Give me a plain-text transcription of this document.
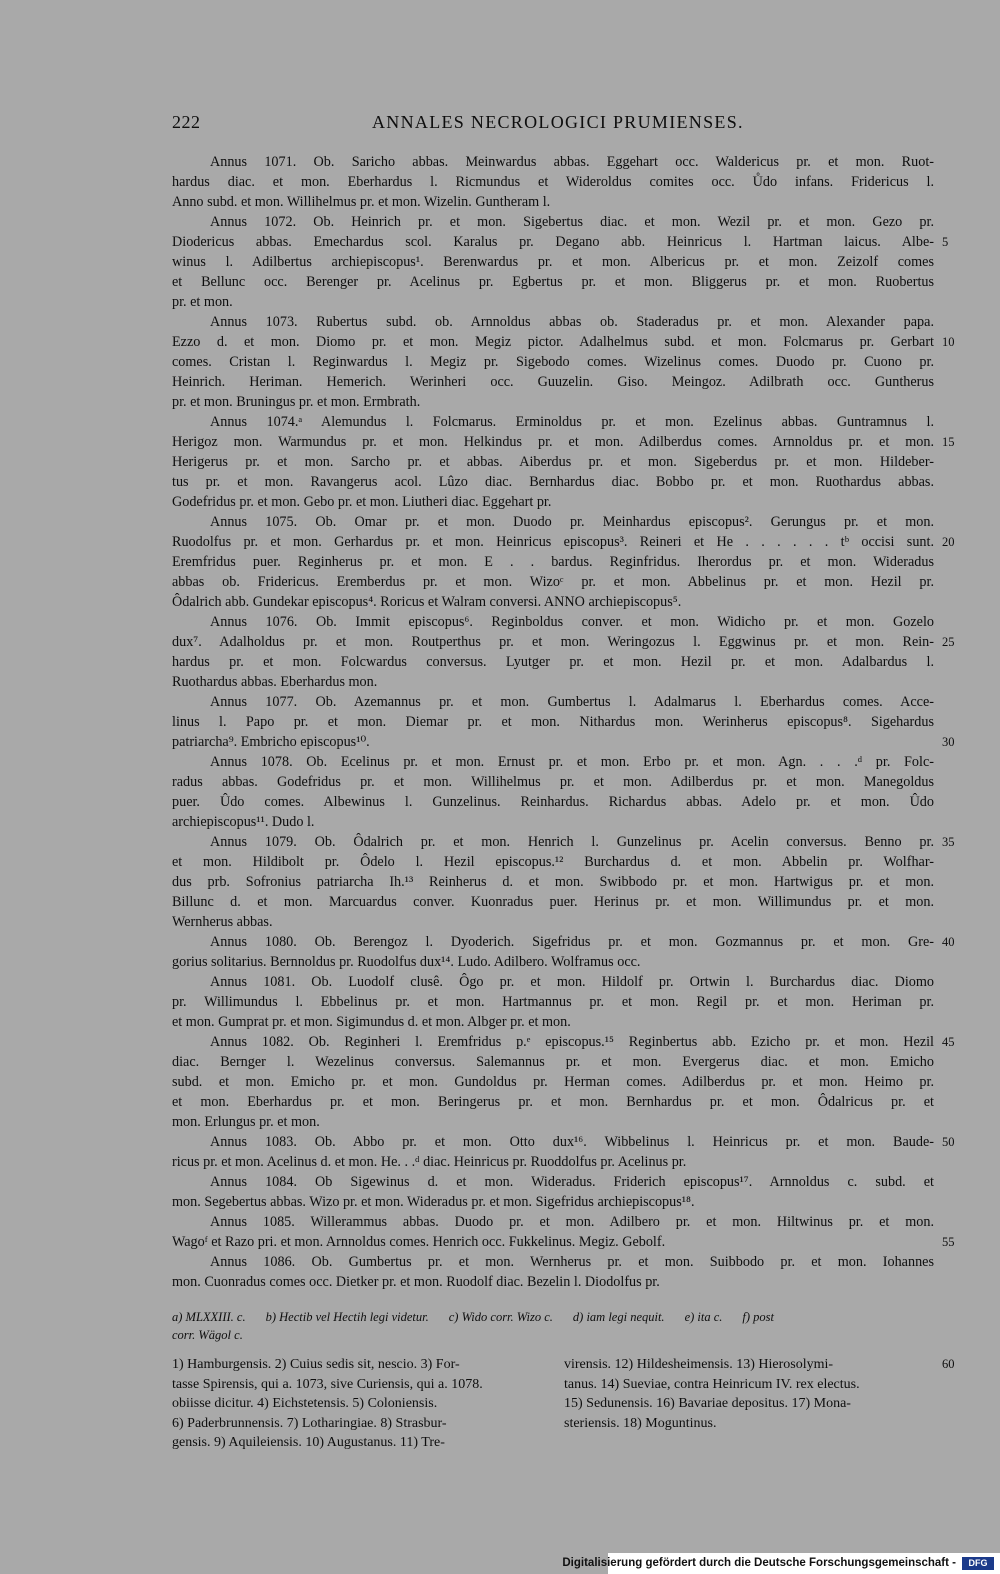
222	ANNALES NECROLOGICI PRUMIENSES.
Annus 1071. Ob. Saricho abbas. Meinwardus abbas. Eggehart occ. Waldericus pr. et mon. Ruot-
hardus diac. et mon. Eberhardus l. Ricmundus et Wideroldus comites occ. Ůdo infans. Fridericus l.
Anno subd. et mon. Willihelmus pr. et mon. Wizelin. Guntheram l.
Annus 1072. Ob. Heinrich pr. et mon. Sigebertus diac. et mon. Wezil pr. et mon. Gezo pr.
Diodericus abbas. Emechardus scol. Karalus pr. Degano abb. Heinricus l. Hartman laicus. Albe- 5
winus l. Adilbertus archiepiscopus¹. Berenwardus pr. et mon. Albericus pr. et mon. Zeizolf comes
et Bellunc occ. Berenger pr. Acelinus pr. Egbertus pr. et mon. Bliggerus pr. et mon. Ruobertus
pr. et mon.
Annus 1073. Rubertus subd. ob. Arnnoldus abbas ob. Staderadus pr. et mon. Alexander papa.
Ezzo d. et mon. Diomo pr. et mon. Megiz pictor. Adalhelmus subd. et mon. Folcmarus pr. Gerbart 10
comes. Cristan l. Reginwardus l. Megiz pr. Sigebodo comes. Wizelinus comes. Duodo pr. Cuono pr.
Heinrich. Heriman. Hemerich. Werinheri occ. Guuzelin. Giso. Meingoz. Adilbrath occ. Guntherus
pr. et mon. Bruningus pr. et mon. Ermbrath.
Annus 1074.ᵃ Alemundus l. Folcmarus. Erminoldus pr. et mon. Ezelinus abbas. Guntramnus l.
Herigoz mon. Warmundus pr. et mon. Helkindus pr. et mon. Adilberdus comes. Arnnoldus pr. et mon. 15
Herigerus pr. et mon. Sarcho pr. et abbas. Aiberdus pr. et mon. Sigeberdus pr. et mon. Hildeber-
tus pr. et mon. Ravangerus acol. Lûzo diac. Bernhardus diac. Bobbo pr. et mon. Ruothardus abbas.
Godefridus pr. et mon. Gebo pr. et mon. Liutheri diac. Eggehart pr.
Annus 1075. Ob. Omar pr. et mon. Duodo pr. Meinhardus episcopus². Gerungus pr. et mon.
Ruodolfus pr. et mon. Gerhardus pr. et mon. Heinricus episcopus³. Reineri et He . . . . . . tᵇ occisi sunt. 20
Eremfridus puer. Reginherus pr. et mon. E . . bardus. Reginfridus. Iherordus pr. et mon. Wideradus
abbas ob. Fridericus. Eremberdus pr. et mon. Wizoᶜ pr. et mon. Abbelinus pr. et mon. Hezil pr.
Ôdalrich abb. Gundekar episcopus⁴. Roricus et Walram conversi. ANNO archiepiscopus⁵.
Annus 1076. Ob. Immit episcopus⁶. Reginboldus conver. et mon. Widicho pr. et mon. Gozelo
dux⁷. Adalholdus pr. et mon. Routperthus pr. et mon. Weringozus l. Eggwinus pr. et mon. Rein- 25
hardus pr. et mon. Folcwardus conversus. Lyutger pr. et mon. Hezil pr. et mon. Adalbardus l.
Ruothardus abbas. Eberhardus mon.
Annus 1077. Ob. Azemannus pr. et mon. Gumbertus l. Adalmarus l. Eberhardus comes. Acce-
linus l. Papo pr. et mon. Diemar pr. et mon. Nithardus mon. Werinherus episcopus⁸. Sigehardus
patriarcha⁹. Embricho episcopus¹⁰.	30
Annus 1078. Ob. Ecelinus pr. et mon. Ernust pr. et mon. Erbo pr. et mon. Agn. . . .ᵈ pr. Folc-
radus abbas. Godefridus pr. et mon. Willihelmus pr. et mon. Adilberdus pr. et mon. Manegoldus
puer. Ûdo comes. Albewinus l. Gunzelinus. Reinhardus. Richardus abbas. Adelo pr. et mon. Ûdo
archiepiscopus¹¹. Dudo l.
Annus 1079. Ob. Ôdalrich pr. et mon. Henrich l. Gunzelinus pr. Acelin conversus. Benno pr. 35
et mon. Hildibolt pr. Ôdelo l. Hezil episcopus.¹² Burchardus d. et mon. Abbelin pr. Wolfhar-
dus prb. Sofronius patriarcha Ih.¹³ Reinherus d. et mon. Swibbodo pr. et mon. Hartwigus pr. et mon.
Billunc d. et mon. Marcuardus conver. Kuonradus puer. Herinus pr. et mon. Willimundus pr. et mon.
Wernherus abbas.
Annus 1080. Ob. Berengoz l. Dyoderich. Sigefridus pr. et mon. Gozmannus pr. et mon. Gre- 40
gorius solitarius. Bernnoldus pr. Ruodolfus dux¹⁴. Ludo. Adilbero. Wolframus occ.
Annus 1081. Ob. Luodolf clusê. Ôgo pr. et mon. Hildolf pr. Ortwin l. Burchardus diac. Diomo
pr. Willimundus l. Ebbelinus pr. et mon. Hartmannus pr. et mon. Regil pr. et mon. Heriman pr.
et mon. Gumprat pr. et mon. Sigimundus d. et mon. Albger pr. et mon.
Annus 1082. Ob. Reginheri l. Eremfridus p.ᵉ episcopus.¹⁵ Reginbertus abb. Ezicho pr. et mon. Hezil 45
diac. Bernger l. Wezelinus conversus. Salemannus pr. et mon. Evergerus diac. et mon. Emicho
subd. et mon. Emicho pr. et mon. Gundoldus pr. Herman comes. Adilberdus pr. et mon. Heimo pr.
et mon. Eberhardus pr. et mon. Beringerus pr. et mon. Bernhardus pr. et mon. Ôdalricus pr. et
mon. Erlungus pr. et mon.
Annus 1083. Ob. Abbo pr. et mon. Otto dux¹⁶. Wibbelinus l. Heinricus pr. et mon. Baude- 50
ricus pr. et mon. Acelinus d. et mon. He. . .ᵈ diac. Heinricus pr. Ruoddolfus pr. Acelinus pr.
Annus 1084. Ob Sigewinus d. et mon. Wideradus. Friderich episcopus¹⁷. Arnnoldus c. subd. et
mon. Segebertus abbas. Wizo pr. et mon. Wideradus pr. et mon. Sigefridus archiepiscopus¹⁸.
Annus 1085. Willerammus abbas. Duodo pr. et mon. Adilbero pr. et mon. Hiltwinus pr. et mon.
Wagoᶠ et Razo pri. et mon. Arnnoldus comes. Henrich occ. Fukkelinus. Megiz. Gebolf.	55
Annus 1086. Ob. Gumbertus pr. et mon. Wernherus pr. et mon. Suibbodo pr. et mon. Iohannes
mon. Cuonradus comes occ. Dietker pr. et mon. Ruodolf diac. Bezelin l. Diodolfus pr.
a) MLXXIII. c. b) Hectib vel Hectih legi videtur. c) Wido corr. Wizo c. d) iam legi nequit. e) ita c. f) post
corr. Wägol c.
1) Hamburgensis. 2) Cuius sedis sit, nescio. 3) For-
tasse Spirensis, qui a. 1073, sive Curiensis, qui a. 1078.
obiisse dicitur. 4) Eichstetensis. 5) Coloniensis.
6) Paderbrunnensis. 7) Lotharingiae. 8) Strasbur-
gensis. 9) Aquileiensis. 10) Augustanus. 11) Tre-
virensis. 12) Hildesheimensis. 13) Hierosolymi-
tanus. 14) Sueviae, contra Heinricum IV. rex electus.
15) Sedunensis. 16) Bavariae depositus. 17) Mona-
steriensis. 18) Moguntinus.
60
Digitalisierung gefördert durch die Deutsche Forschungsgemeinschaft -	DFG
